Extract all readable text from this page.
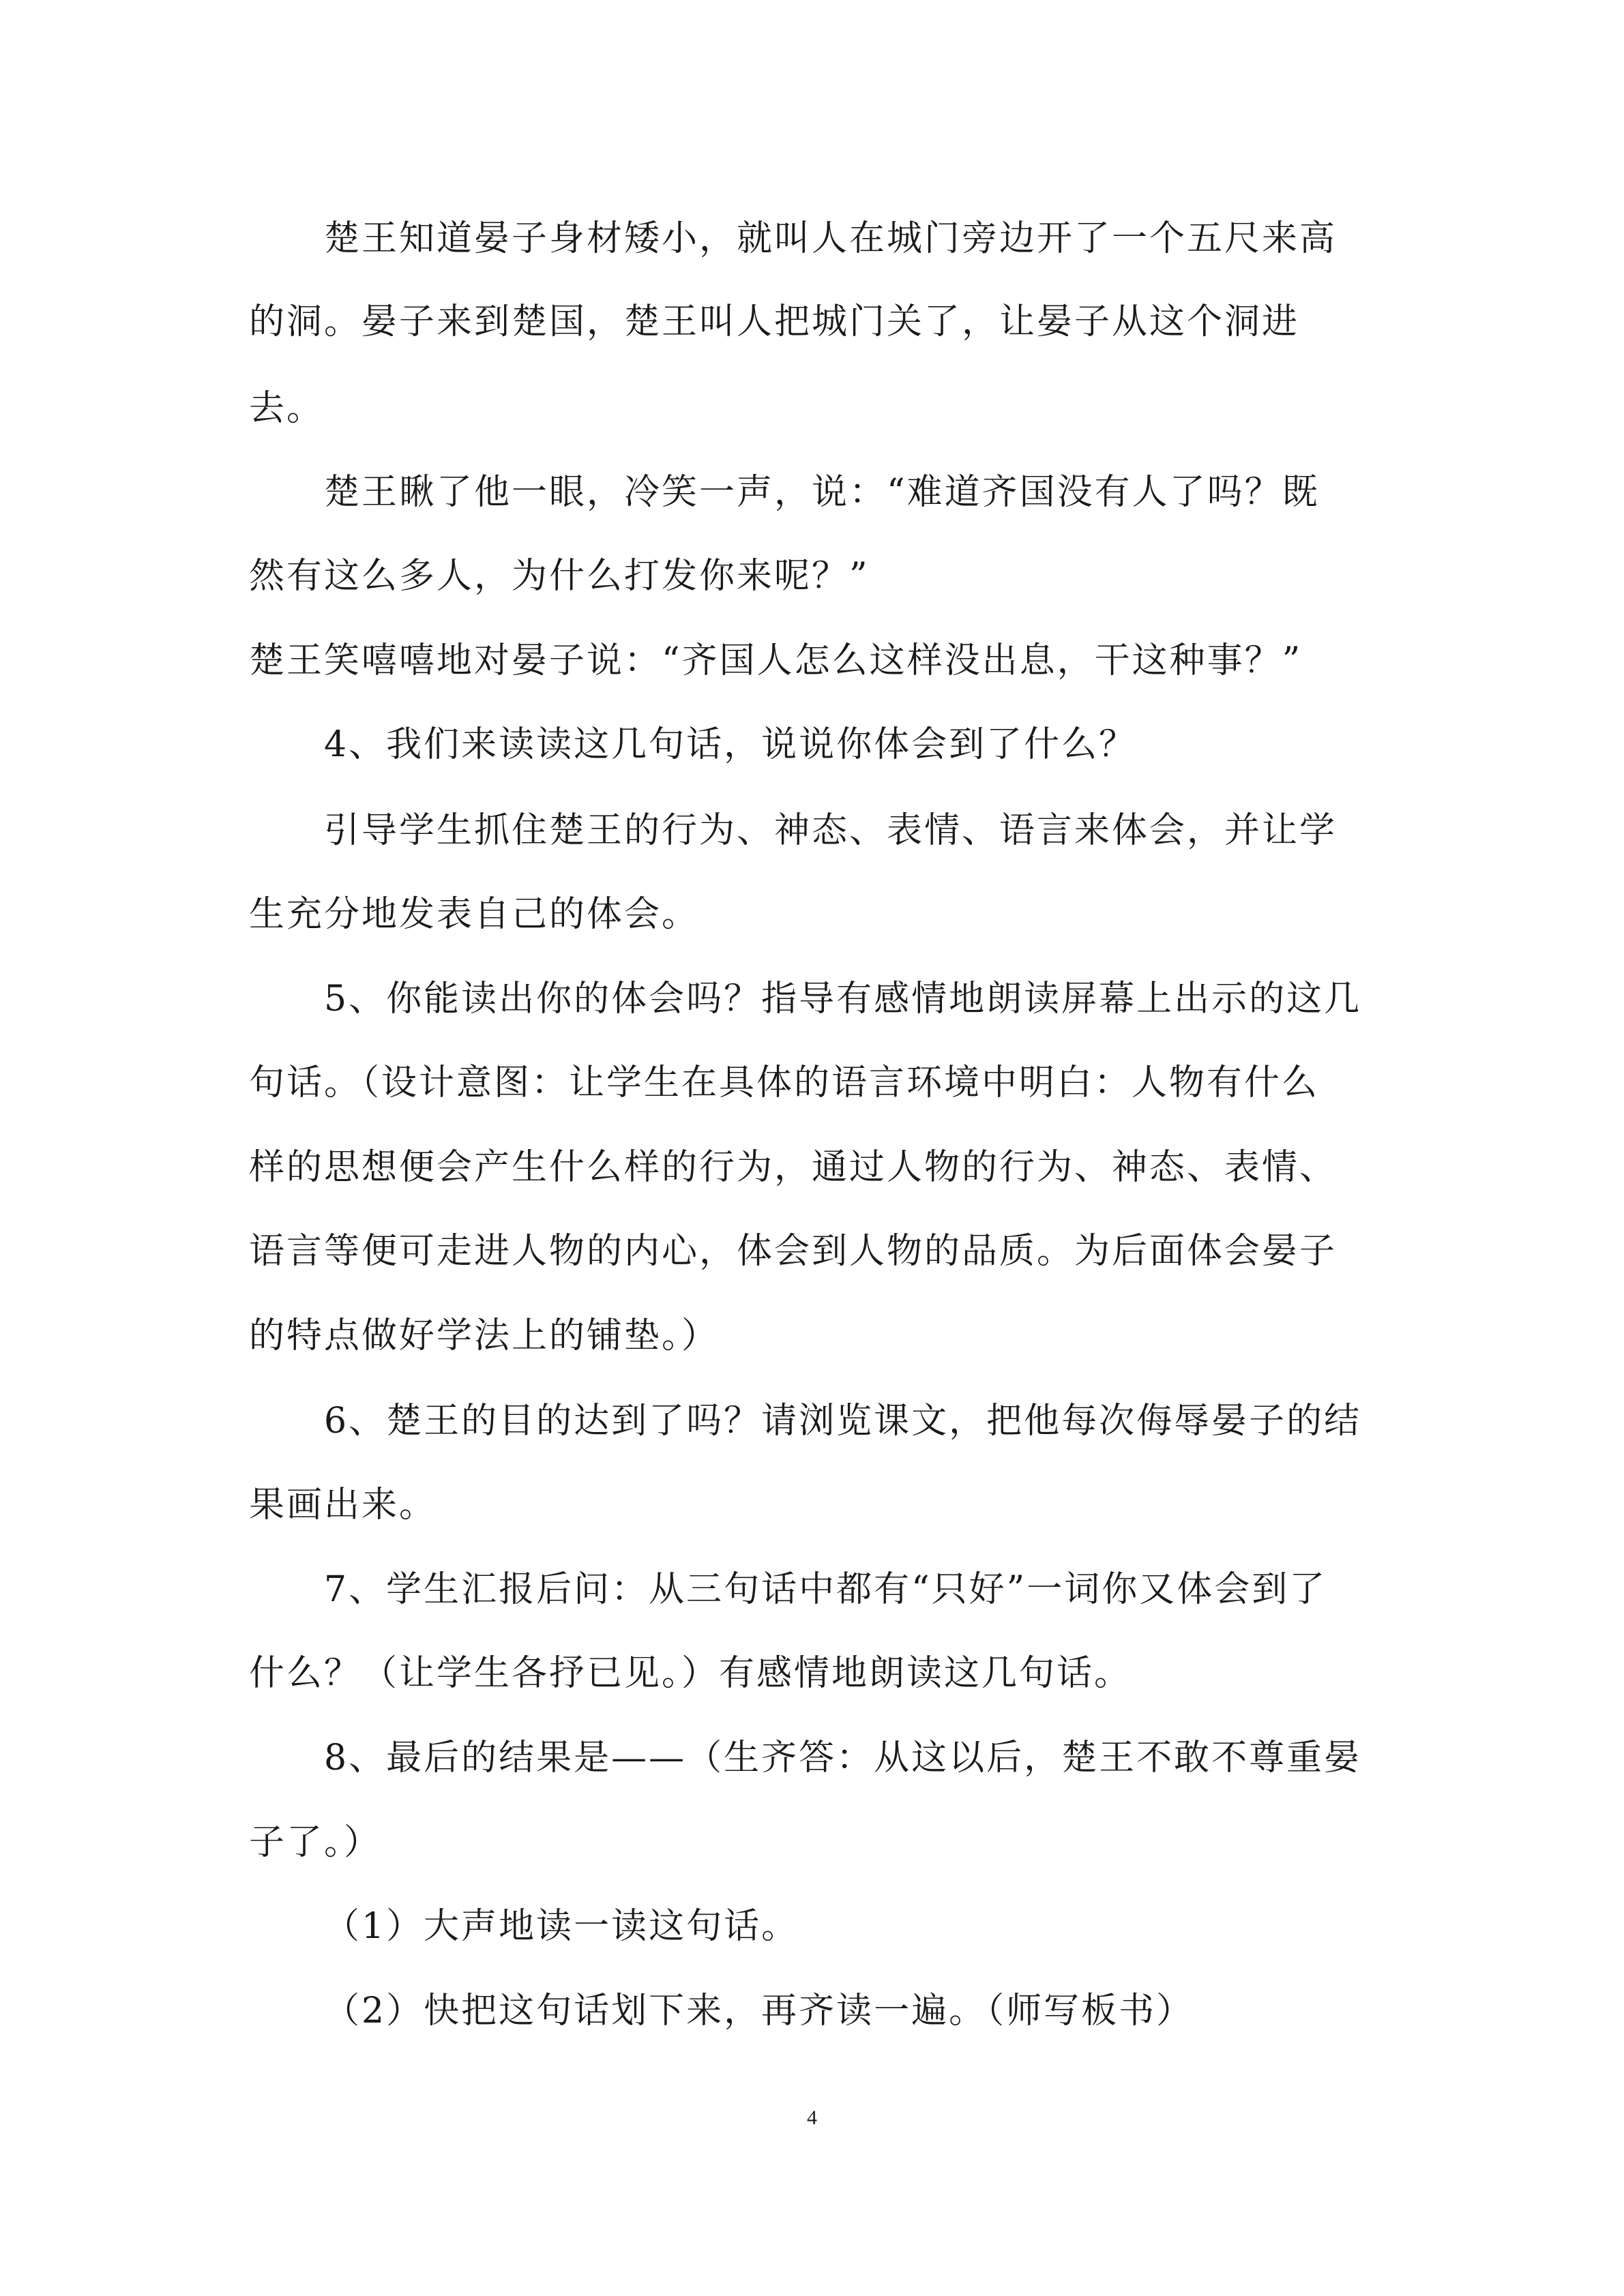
楚王知道晏子身材矮小，就叫人在城门旁边开了一个五尺来高
的洞。晏子来到楚国，楚王叫人把城门关了，让晏子从这个洞进
去。
楚王瞅了他一眼，冷笑一声，说：“难道齐国没有人了吗？既
然有这么多人，为什么打发你来呢？”
楚王笑嘻嘻地对晏子说：“齐国人怎么这样没出息，干这种事？”
4、我们来读读这几句话，说说你体会到了什么？
引导学生抓住楚王的行为、神态、表情、语言来体会，并让学
生充分地发表自己的体会。
5、你能读出你的体会吗？指导有感情地朗读屏幕上出示的这几
句话。（设计意图：让学生在具体的语言环境中明白：人物有什么
样的思想便会产生什么样的行为，通过人物的行为、神态、表情、
语言等便可走进人物的内心，体会到人物的品质。为后面体会晏子
的特点做好学法上的铺垫。）
6、楚王的目的达到了吗？请浏览课文，把他每次侮辱晏子的结
果画出来。
7、学生汇报后问：从三句话中都有“只好”一词你又体会到了
什么？（让学生各抒已见。）有感情地朗读这几句话。
8、最后的结果是——（生齐答：从这以后，楚王不敢不尊重晏
子了。）
（1）大声地读一读这句话。
（2）快把这句话划下来，再齐读一遍。（师写板书）
4
